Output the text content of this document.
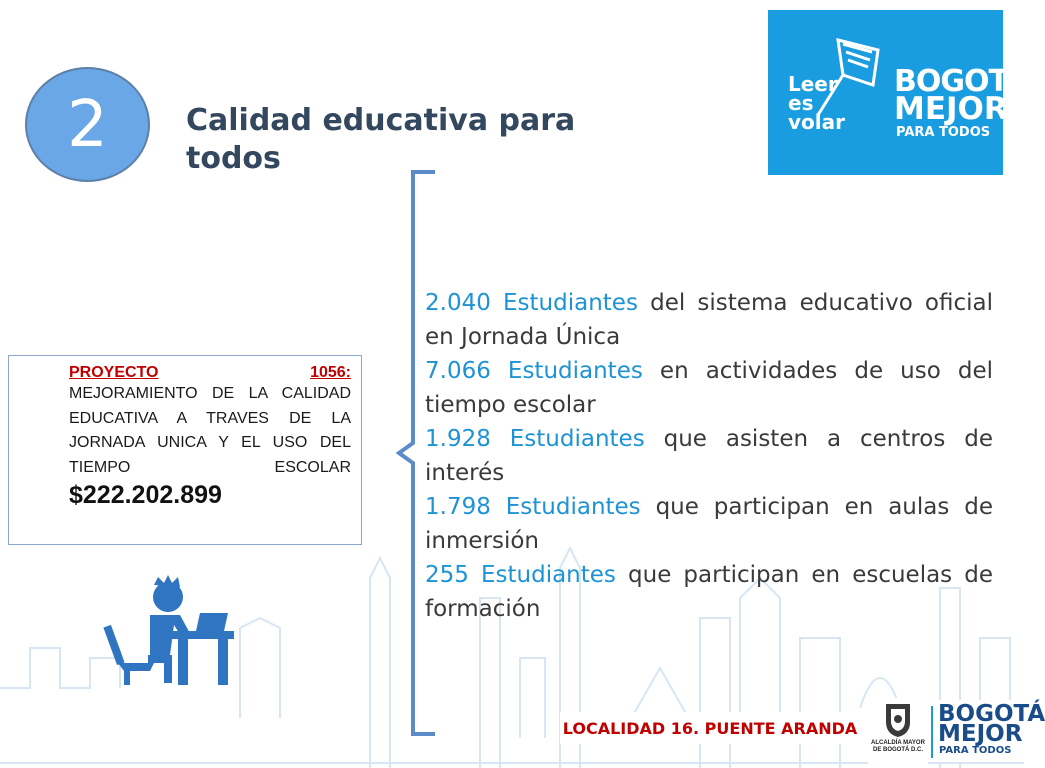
2	Calidad educativa para todos
Leer es volar
BOGOTÁ
MEJOR
PARA TODOS

2.040 Estudiantes del sistema educativo oficial en Jornada Única

7.066 Estudiantes en actividades de uso del tiempo escolar

1.928 Estudiantes que asisten a centros de interés

1.798 Estudiantes que participan en aulas de inmersión

255 Estudiantes que participan en escuelas de formación

PROYECTO	1056:
MEJORAMIENTO DE LA CALIDAD EDUCATIVA A TRAVES DE LA JORNADA UNICA Y EL USO DEL TIEMPO ESCOLAR
$222.202.899
LOCALIDAD 16. PUENTE ARANDA
ALCALDÍA MAYOR DE BOGOTÁ D.C.
BOGOTÁ
MEJOR
PARA TODOS
